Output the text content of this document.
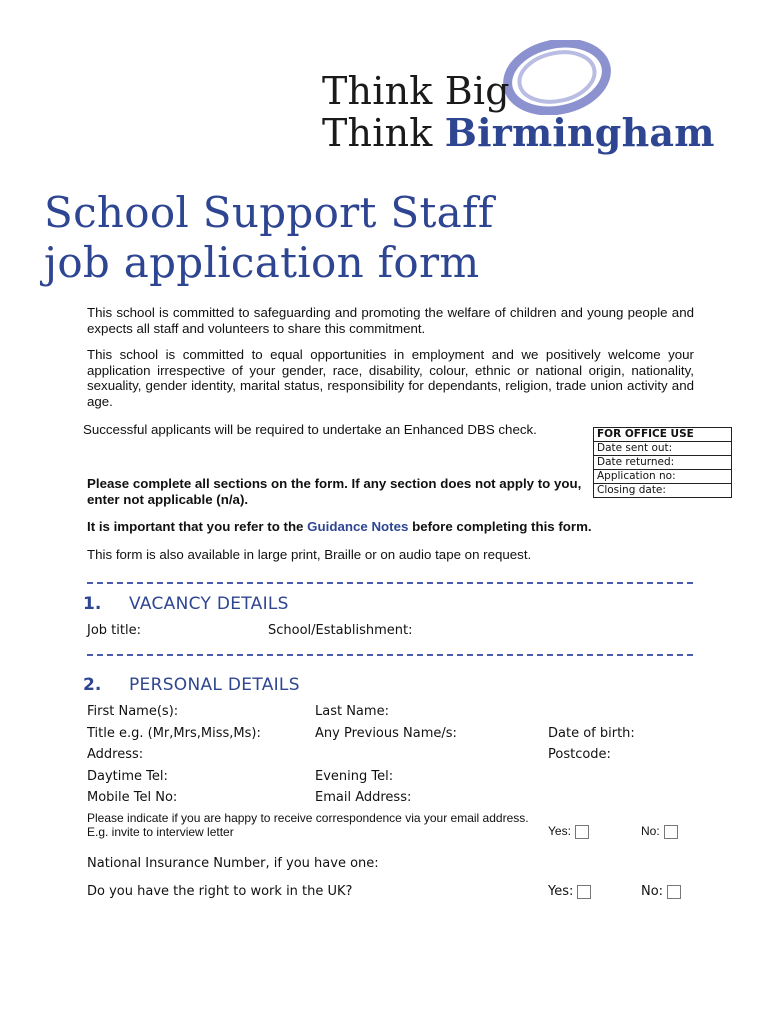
Think Big
Think Birmingham
School Support Staff
job application form
This school is committed to safeguarding and promoting the welfare of children and young people and expects all staff and volunteers to share this commitment.
This school is committed to equal opportunities in employment and we positively welcome your application irrespective of your gender, race, disability, colour, ethnic or national origin, nationality, sexuality, gender identity, marital status, responsibility for dependants, religion, trade union activity and age.
Successful applicants will be required to undertake an Enhanced DBS check.	FOR OFFICE USE
Date sent out:
Date returned:
Application no:
Closing date:
Please complete all sections on the form. If any section does not apply to you, enter not applicable (n/a).
It is important that you refer to the Guidance Notes before completing this form.
This form is also available in large print, Braille or on audio tape on request.
1. VACANCY DETAILS
Job title:	School/Establishment:
2. PERSONAL DETAILS
First Name(s):	Last Name:
Title e.g. (Mr,Mrs,Miss,Ms):	Any Previous Name/s:	Date of birth:
Address:	Postcode:
Daytime Tel:	Evening Tel:
Mobile Tel No:	Email Address:
Please indicate if you are happy to receive correspondence via your email address.
E.g. invite to interview letter	Yes:	No:
National Insurance Number, if you have one:
Do you have the right to work in the UK?	Yes:	No:
